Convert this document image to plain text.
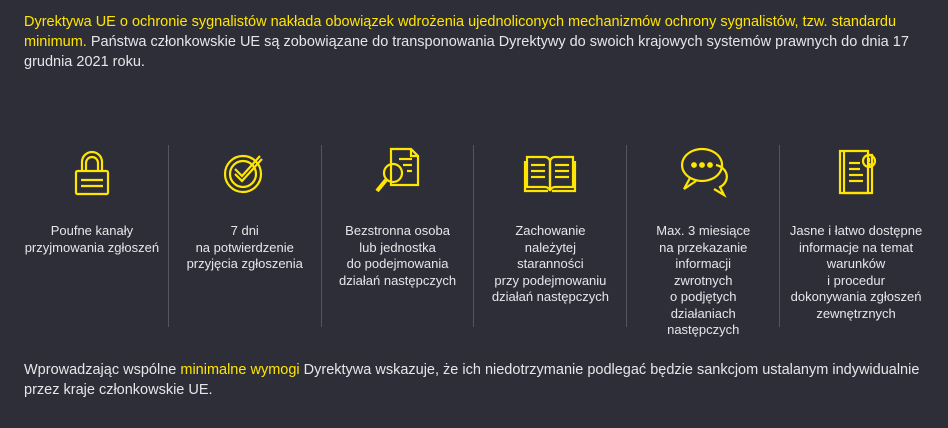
Dyrektywa UE o ochronie sygnalistów nakłada obowiązek wdrożenia ujednoliconych mechanizmów ochrony sygnalistów, tzw. standardu minimum. Państwa członkowskie UE są zobowiązane do transponowania Dyrektywy do swoich krajowych systemów prawnych do dnia 17 grudnia 2021 roku.
Poufne kanały
przyjmowania zgłoszeń
7 dni
na potwierdzenie
przyjęcia zgłoszenia
Bezstronna osoba
lub jednostka
do podejmowania
działań następczych
Zachowanie
należytej
staranności
przy podejmowaniu
działań następczych
Max. 3 miesiące
na przekazanie
informacji
zwrotnych
o podjętych
działaniach
następczych
Jasne i łatwo dostępne
informacje na temat
warunków
i procedur
dokonywania zgłoszeń
zewnętrznych
Wprowadzając wspólne minimalne wymogi Dyrektywa wskazuje, że ich niedotrzymanie podlegać będzie sankcjom ustalanym indywidualnie przez kraje członkowskie UE.
